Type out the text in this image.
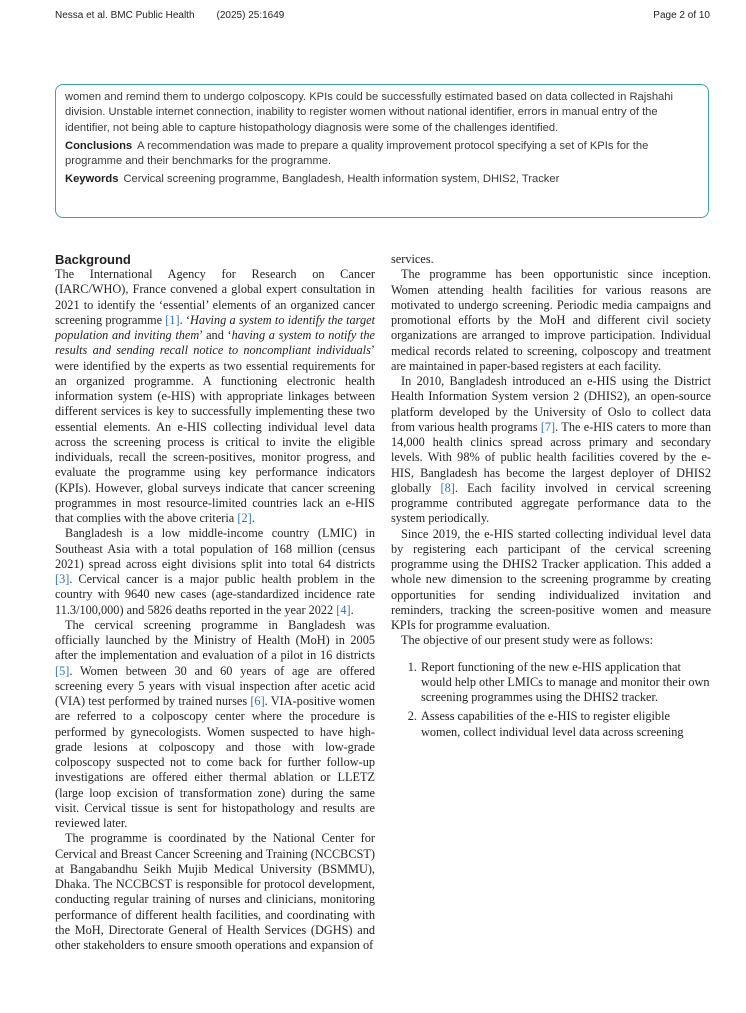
Nessa et al. BMC Public Health (2025) 25:1649	Page 2 of 10

women and remind them to undergo colposcopy. KPIs could be successfully estimated based on data collected in Rajshahi division. Unstable internet connection, inability to register women without national identifier, errors in manual entry of the identifier, not being able to capture histopathology diagnosis were some of the challenges identified.

Conclusions A recommendation was made to prepare a quality improvement protocol specifying a set of KPIs for the programme and their benchmarks for the programme.

Keywords Cervical screening programme, Bangladesh, Health information system, DHIS2, Tracker

Background

The International Agency for Research on Cancer (IARC/WHO), France convened a global expert consultation in 2021 to identify the ‘essential’ elements of an organized cancer screening programme [1]. ‘Having a system to identify the target population and inviting them’ and ‘having a system to notify the results and sending recall notice to noncompliant individuals’ were identified by the experts as two essential requirements for an organized programme. A functioning electronic health information system (e-HIS) with appropriate linkages between different services is key to successfully implementing these two essential elements. An e-HIS collecting individual level data across the screening process is critical to invite the eligible individuals, recall the screen-positives, monitor progress, and evaluate the programme using key performance indicators (KPIs). However, global surveys indicate that cancer screening programmes in most resource-limited countries lack an e-HIS that complies with the above criteria [2].

Bangladesh is a low middle-income country (LMIC) in Southeast Asia with a total population of 168 million (census 2021) spread across eight divisions split into total 64 districts [3]. Cervical cancer is a major public health problem in the country with 9640 new cases (age-standardized incidence rate 11.3/100,000) and 5826 deaths reported in the year 2022 [4].

The cervical screening programme in Bangladesh was officially launched by the Ministry of Health (MoH) in 2005 after the implementation and evaluation of a pilot in 16 districts [5]. Women between 30 and 60 years of age are offered screening every 5 years with visual inspection after acetic acid (VIA) test performed by trained nurses [6]. VIA-positive women are referred to a colposcopy center where the procedure is performed by gynecologists. Women suspected to have high-grade lesions at colposcopy and those with low-grade colposcopy suspected not to come back for further follow-up investigations are offered either thermal ablation or LLETZ (large loop excision of transformation zone) during the same visit. Cervical tissue is sent for histopathology and results are reviewed later.

The programme is coordinated by the National Center for Cervical and Breast Cancer Screening and Training (NCCBCST) at Bangabandhu Seikh Mujib Medical University (BSMMU), Dhaka. The NCCBCST is responsible for protocol development, conducting regular training of nurses and clinicians, monitoring performance of different health facilities, and coordinating with the MoH, Directorate General of Health Services (DGHS) and other stakeholders to ensure smooth operations and expansion of

services.

The programme has been opportunistic since inception. Women attending health facilities for various reasons are motivated to undergo screening. Periodic media campaigns and promotional efforts by the MoH and different civil society organizations are arranged to improve participation. Individual medical records related to screening, colposcopy and treatment are maintained in paper-based registers at each facility.

In 2010, Bangladesh introduced an e-HIS using the District Health Information System version 2 (DHIS2), an open-source platform developed by the University of Oslo to collect data from various health programs [7]. The e-HIS caters to more than 14,000 health clinics spread across primary and secondary levels. With 98% of public health facilities covered by the e-HIS, Bangladesh has become the largest deployer of DHIS2 globally [8]. Each facility involved in cervical screening programme contributed aggregate performance data to the system periodically.

Since 2019, the e-HIS started collecting individual level data by registering each participant of the cervical screening programme using the DHIS2 Tracker application. This added a whole new dimension to the screening programme by creating opportunities for sending individualized invitation and reminders, tracking the screen-positive women and measure KPIs for programme evaluation.

The objective of our present study were as follows:

1. Report functioning of the new e-HIS application that would help other LMICs to manage and monitor their own screening programmes using the DHIS2 tracker.
2. Assess capabilities of the e-HIS to register eligible women, collect individual level data across screening
